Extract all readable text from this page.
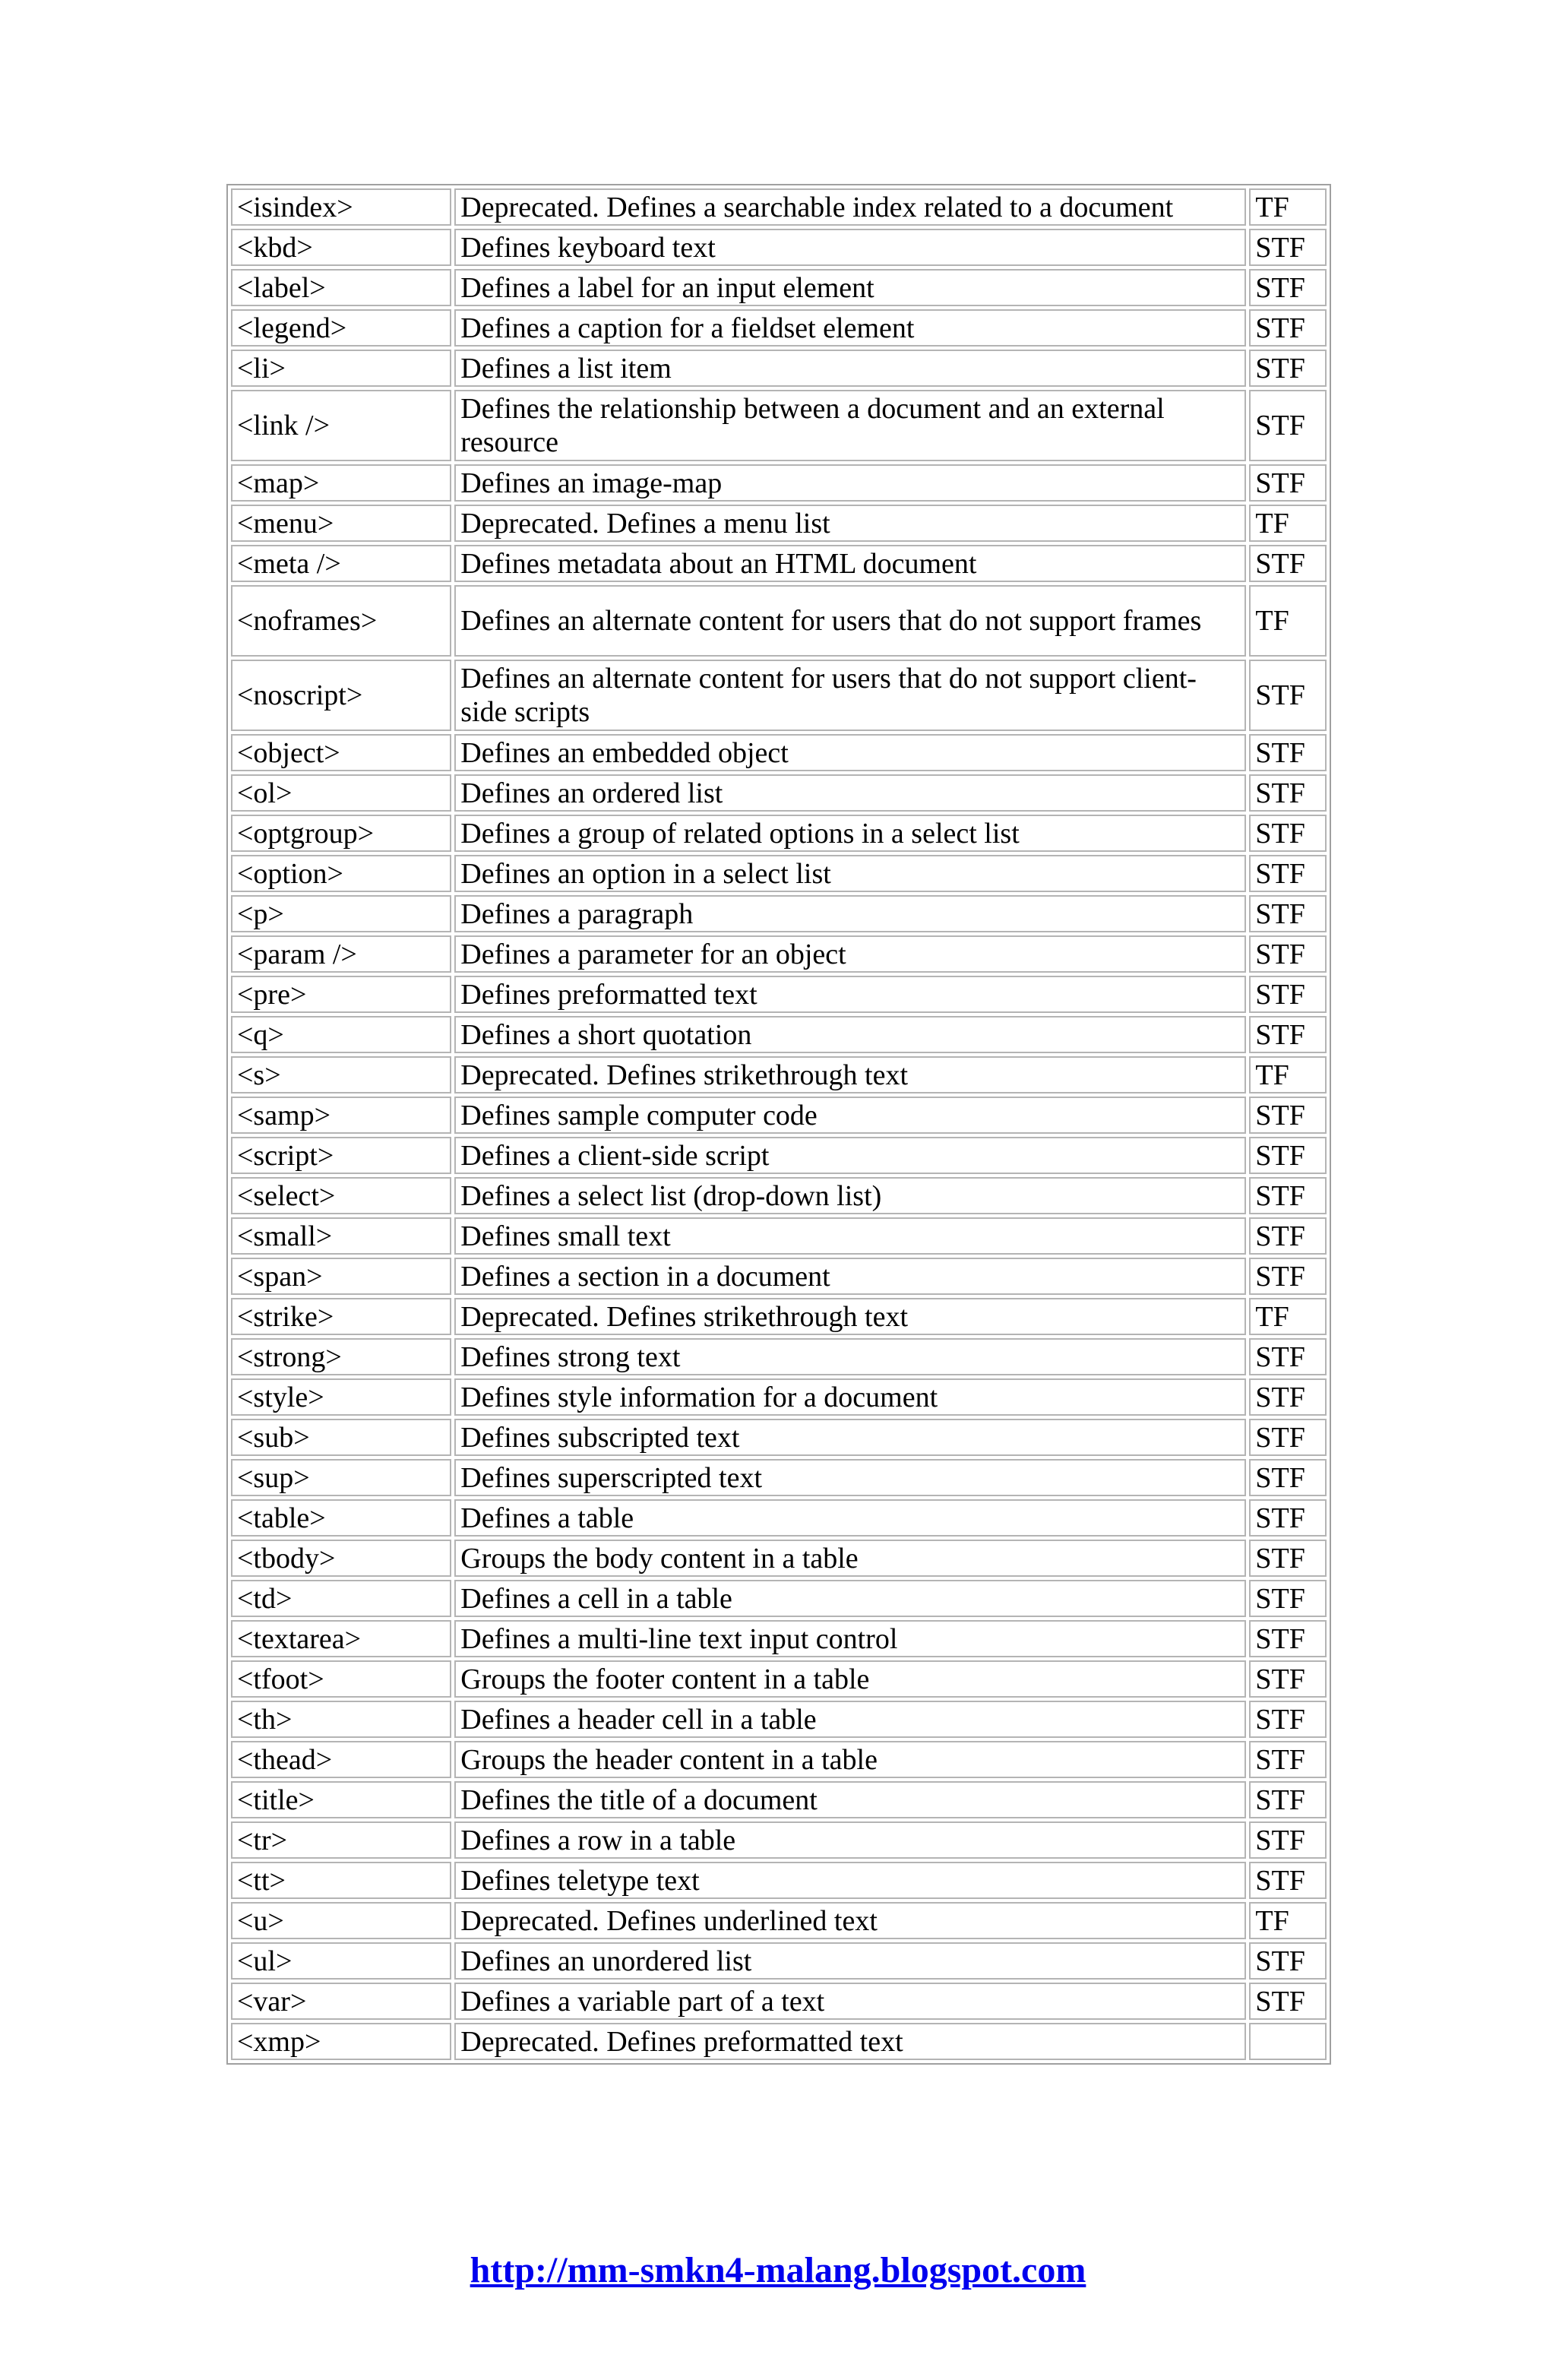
<isindex>	Deprecated. Defines a searchable index related to a document	TF
<kbd>	Defines keyboard text	STF
<label>	Defines a label for an input element	STF
<legend>	Defines a caption for a fieldset element	STF
<li>	Defines a list item	STF
<link />	Defines the relationship between a document and an external resource	STF
<map>	Defines an image-map	STF
<menu>	Deprecated. Defines a menu list	TF
<meta />	Defines metadata about an HTML document	STF
<noframes>	Defines an alternate content for users that do not support frames	TF
<noscript>	Defines an alternate content for users that do not support client-side scripts	STF
<object>	Defines an embedded object	STF
<ol>	Defines an ordered list	STF
<optgroup>	Defines a group of related options in a select list	STF
<option>	Defines an option in a select list	STF
<p>	Defines a paragraph	STF
<param />	Defines a parameter for an object	STF
<pre>	Defines preformatted text	STF
<q>	Defines a short quotation	STF
<s>	Deprecated. Defines strikethrough text	TF
<samp>	Defines sample computer code	STF
<script>	Defines a client-side script	STF
<select>	Defines a select list (drop-down list)	STF
<small>	Defines small text	STF
<span>	Defines a section in a document	STF
<strike>	Deprecated. Defines strikethrough text	TF
<strong>	Defines strong text	STF
<style>	Defines style information for a document	STF
<sub>	Defines subscripted text	STF
<sup>	Defines superscripted text	STF
<table>	Defines a table	STF
<tbody>	Groups the body content in a table	STF
<td>	Defines a cell in a table	STF
<textarea>	Defines a multi-line text input control	STF
<tfoot>	Groups the footer content in a table	STF
<th>	Defines a header cell in a table	STF
<thead>	Groups the header content in a table	STF
<title>	Defines the title of a document	STF
<tr>	Defines a row in a table	STF
<tt>	Defines teletype text	STF
<u>	Deprecated. Defines underlined text	TF
<ul>	Defines an unordered list	STF
<var>	Defines a variable part of a text	STF
<xmp>	Deprecated. Defines preformatted text	
http://mm-smkn4-malang.blogspot.com
